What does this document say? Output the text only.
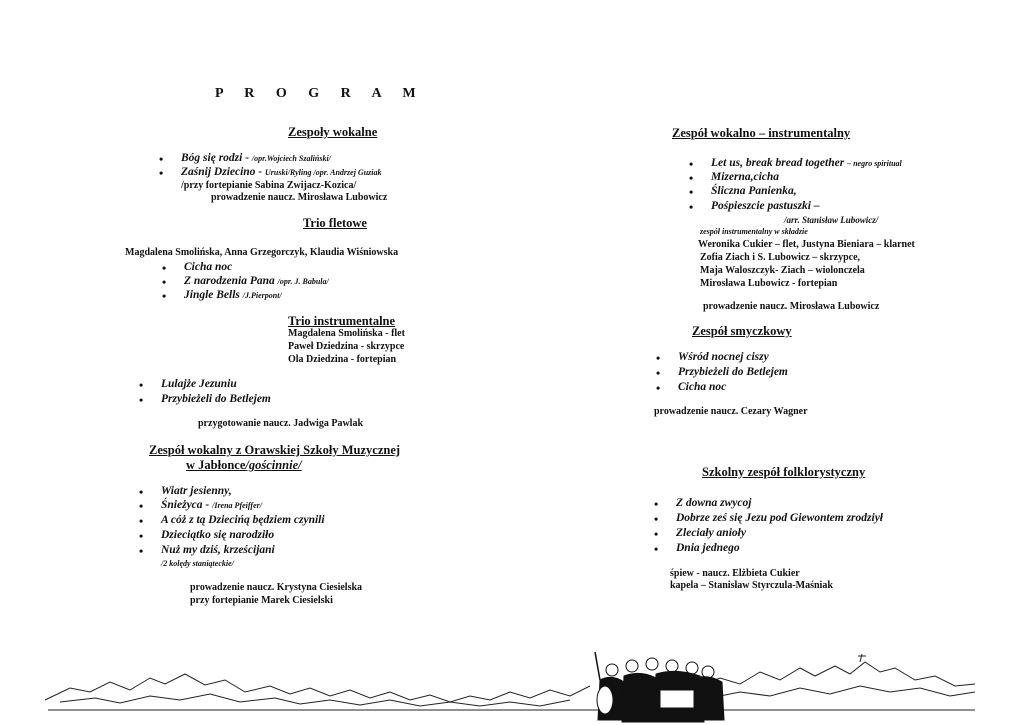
P R O G R A M
Zespoły wokalne
• Bóg się rodzi - /opr.Wojciech Szaliński/
• Zaśnij Dziecino - Uruski/Ryling /opr. Andrzej Guziak
/przy fortepianie Sabina Zwijacz-Kozica/
prowadzenie naucz. Mirosława Lubowicz
Trio fletowe
Magdalena Smolińska, Anna Grzegorczyk, Klaudia Wiśniowska
• Cicha noc
• Z narodzenia Pana /opr. J. Babula/
• Jingle Bells /J.Pierpont/
Trio instrumentalne
Magdalena Smolińska - flet
Paweł Dziedzina - skrzypce
Ola Dziedzina - fortepian
• Lulajże Jezuniu
• Przybieżeli do Betlejem
przygotowanie naucz. Jadwiga Pawlak
Zespół wokalny z Orawskiej Szkoły Muzycznej
w Jabłonce/gościnnie/
• Wiatr jesienny,
• Śnieżyca - /Irena Pfeiffer/
• A cóż z tą Dziecińą będziem czynili
• Dzieciątko się narodziło
• Nuż my dziś, krześcijani
/2 kolędy staniąteckie/
prowadzenie naucz. Krystyna Ciesielska
przy fortepianie Marek Ciesielski
Zespół wokalno – instrumentalny
• Let us, break bread together – negro spiritual
• Mizerna,cicha
• Śliczna Panienka,
• Pośpieszcie pastuszki –
/arr. Stanisław Lubowicz/
zespół instrumentalny w składzie
Weronika Cukier – flet, Justyna Bieniara – klarnet
Zofia Ziach i S. Lubowicz – skrzypce,
Maja Waloszczyk- Ziach – wiolonczela
Mirosława Lubowicz - fortepian
prowadzenie naucz. Mirosława Lubowicz
Zespół smyczkowy
• Wśród nocnej ciszy
• Przybieżeli do Betlejem
• Cicha noc
prowadzenie naucz. Cezary Wagner
Szkolny zespół folklorystyczny
• Z downa zwycoj
• Dobrze ześ się Jezu pod Giewontem zrodziył
• Zleciały anioły
• Dnia jednego
śpiew - naucz. Elżbieta Cukier
kapela – Stanisław Styrczula-Maśniak
